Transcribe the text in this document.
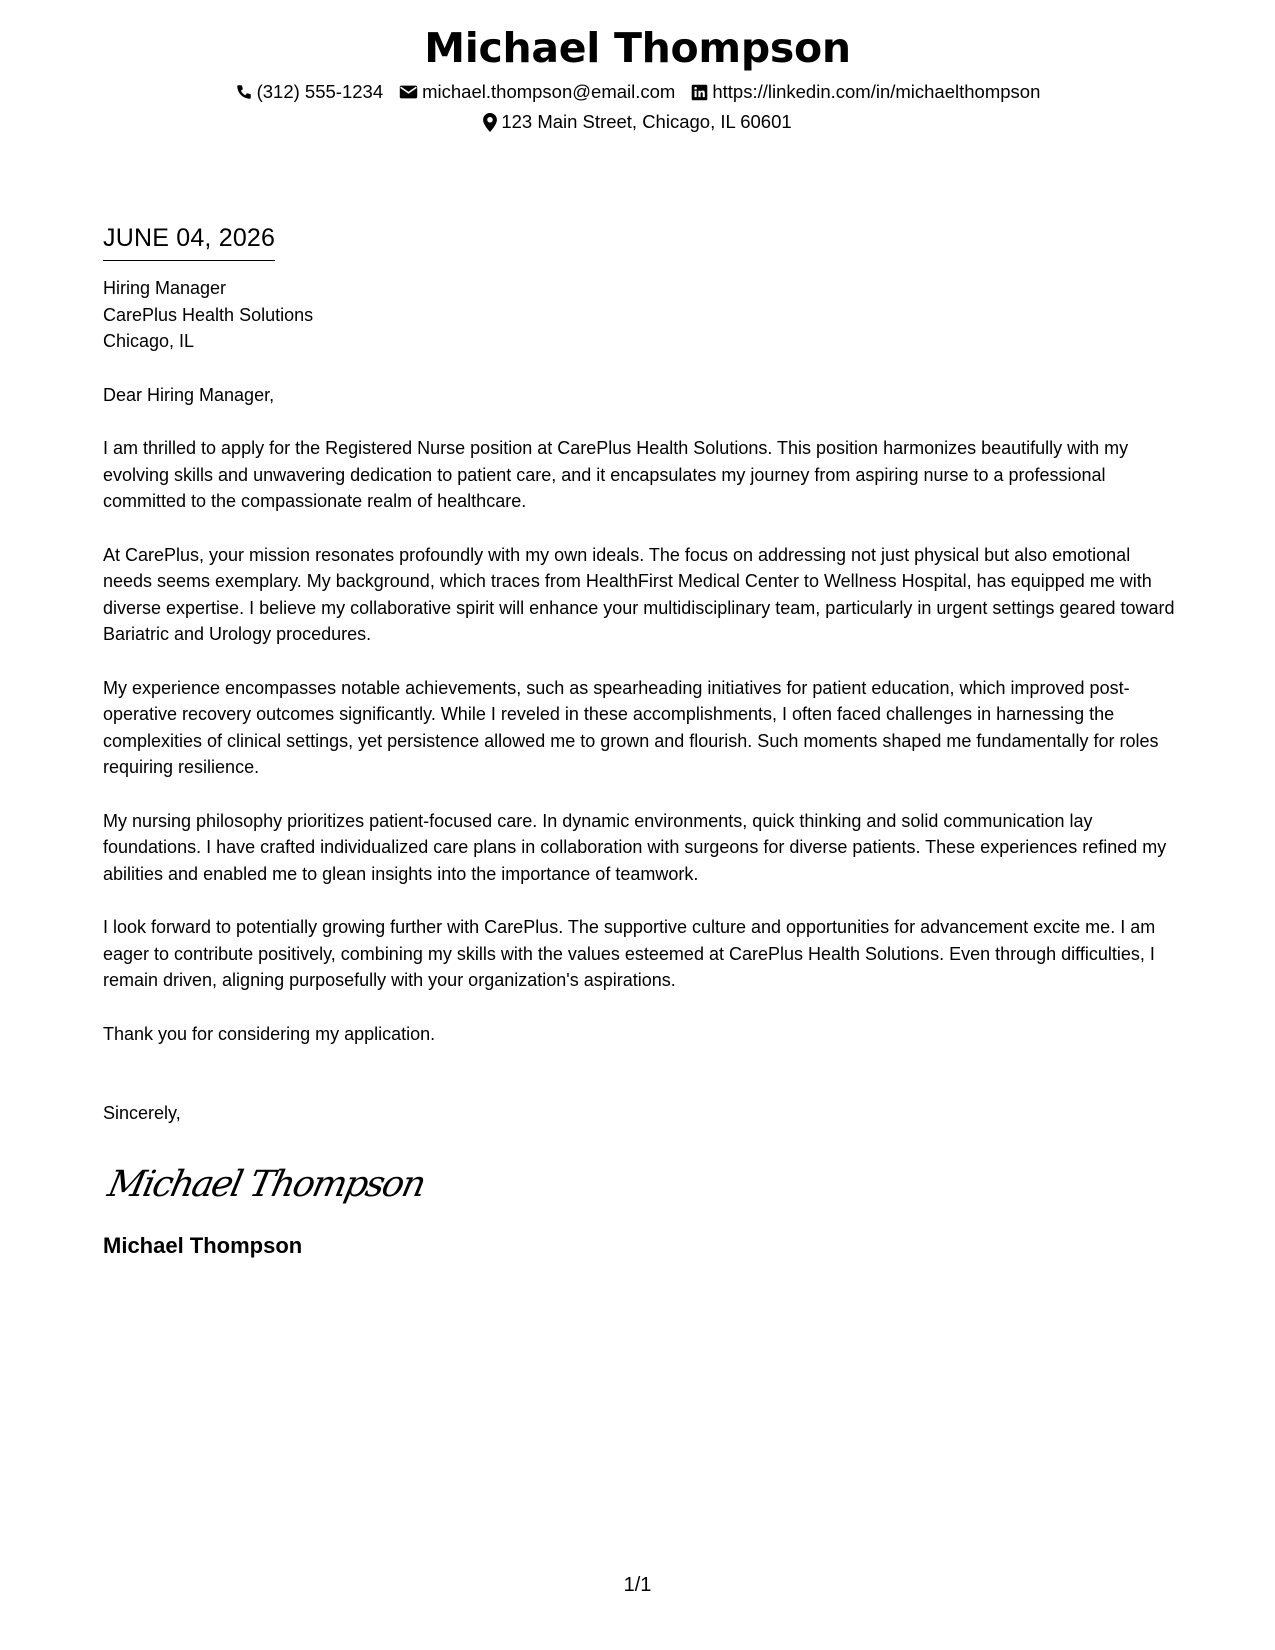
Michael Thompson
(312) 555-1234 michael.thompson@email.com https://linkedin.com/in/michaelthompson
123 Main Street, Chicago, IL 60601
JUNE 04, 2026
Hiring Manager
CarePlus Health Solutions
Chicago, IL
Dear Hiring Manager,

I am thrilled to apply for the Registered Nurse position at CarePlus Health Solutions. This position harmonizes beautifully with my evolving skills and unwavering dedication to patient care, and it encapsulates my journey from aspiring nurse to a professional committed to the compassionate realm of healthcare.

At CarePlus, your mission resonates profoundly with my own ideals. The focus on addressing not just physical but also emotional needs seems exemplary. My background, which traces from HealthFirst Medical Center to Wellness Hospital, has equipped me with diverse expertise. I believe my collaborative spirit will enhance your multidisciplinary team, particularly in urgent settings geared toward Bariatric and Urology procedures.

My experience encompasses notable achievements, such as spearheading initiatives for patient education, which improved post-operative recovery outcomes significantly. While I reveled in these accomplishments, I often faced challenges in harnessing the complexities of clinical settings, yet persistence allowed me to grown and flourish. Such moments shaped me fundamentally for roles requiring resilience.

My nursing philosophy prioritizes patient-focused care. In dynamic environments, quick thinking and solid communication lay foundations. I have crafted individualized care plans in collaboration with surgeons for diverse patients. These experiences refined my abilities and enabled me to glean insights into the importance of teamwork.

I look forward to potentially growing further with CarePlus. The supportive culture and opportunities for advancement excite me. I am eager to contribute positively, combining my skills with the values esteemed at CarePlus Health Solutions. Even through difficulties, I remain driven, aligning purposefully with your organization's aspirations.

Thank you for considering my application.

Sincerely,
Michael Thompson
Michael Thompson
1/1
